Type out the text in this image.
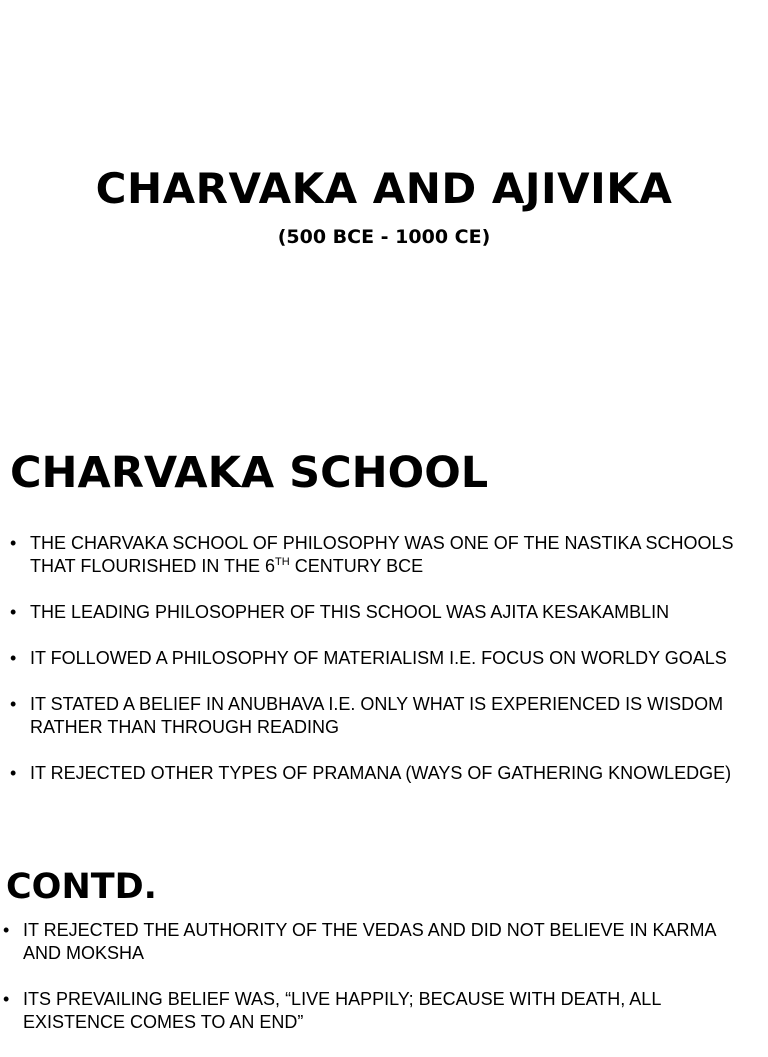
CHARVAKA AND AJIVIKA
(500 BCE - 1000 CE)
CHARVAKA SCHOOL
• THE CHARVAKA SCHOOL OF PHILOSOPHY WAS ONE OF THE NASTIKA SCHOOLS THAT FLOURISHED IN THE 6TH CENTURY BCE
• THE LEADING PHILOSOPHER OF THIS SCHOOL WAS AJITA KESAKAMBLIN
• IT FOLLOWED A PHILOSOPHY OF MATERIALISM I.E. FOCUS ON WORLDY GOALS
• IT STATED A BELIEF IN ANUBHAVA I.E. ONLY WHAT IS EXPERIENCED IS WISDOM RATHER THAN THROUGH READING
• IT REJECTED OTHER TYPES OF PRAMANA (WAYS OF GATHERING KNOWLEDGE)
CONTD.
• IT REJECTED THE AUTHORITY OF THE VEDAS AND DID NOT BELIEVE IN KARMA AND MOKSHA
• ITS PREVAILING BELIEF WAS, “LIVE HAPPILY; BECAUSE WITH DEATH, ALL EXISTENCE COMES TO AN END”
